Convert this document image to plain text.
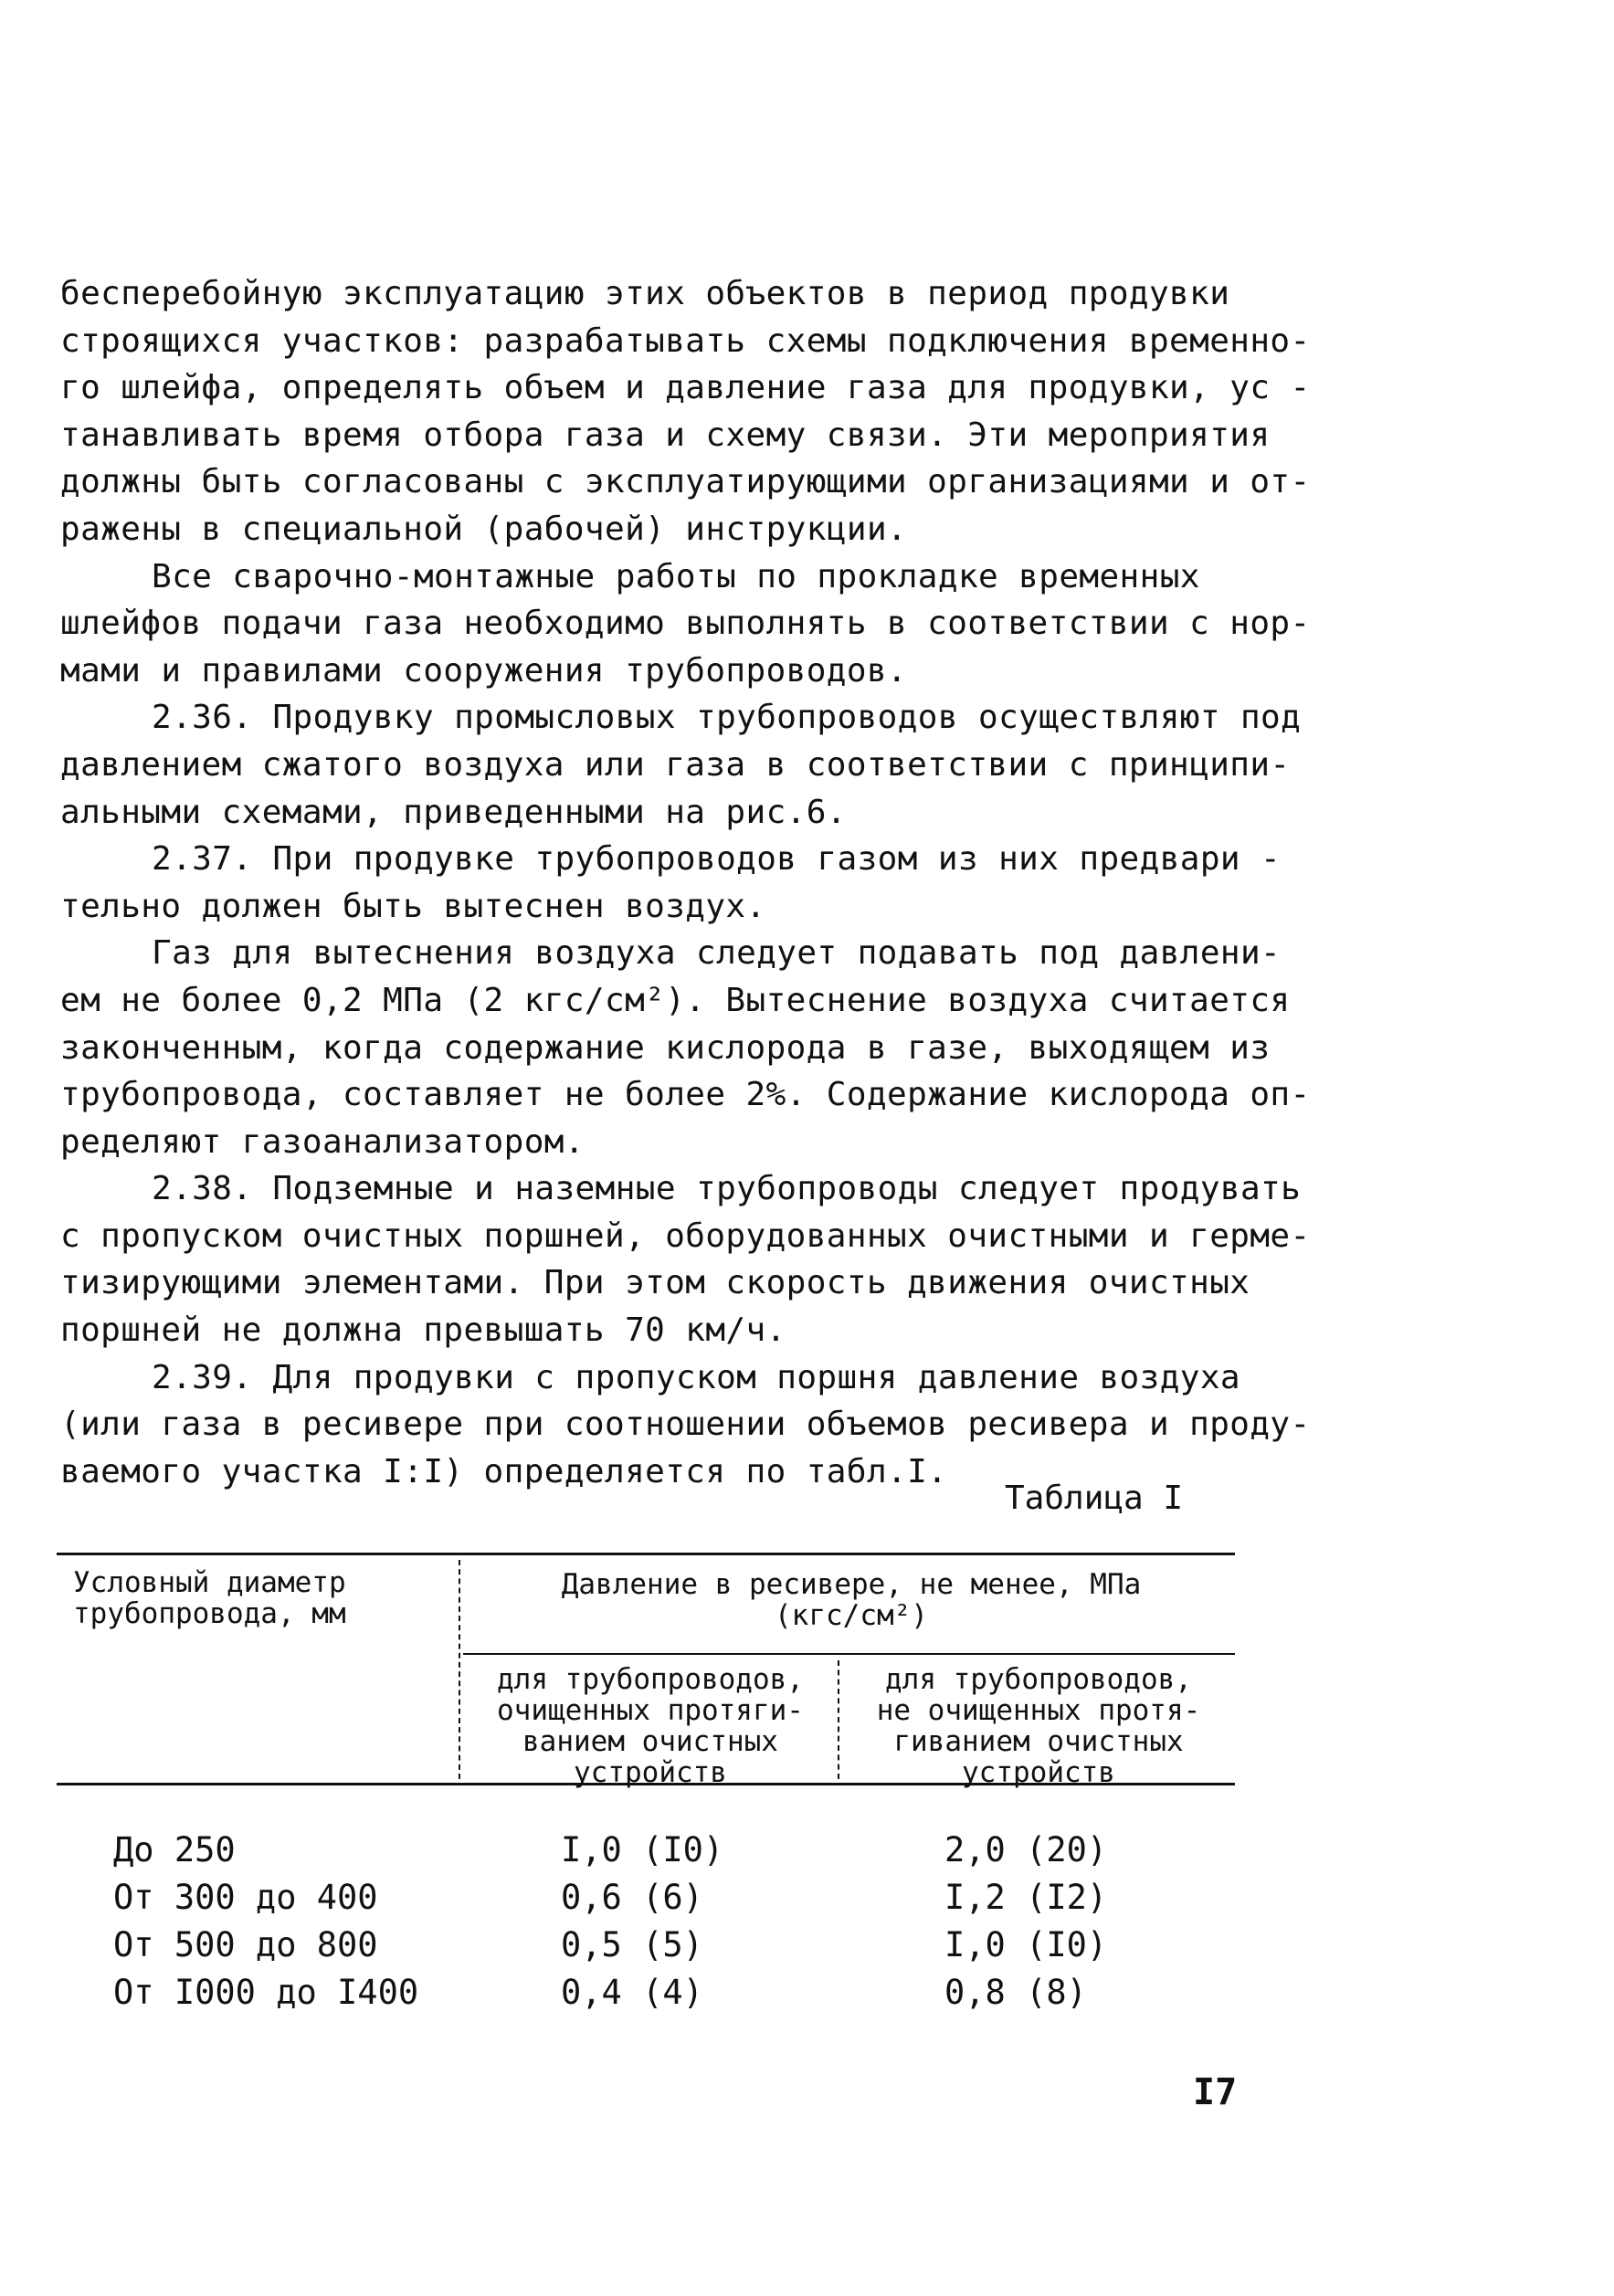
бесперебойную эксплуатацию этих объектов в период продувки

строящихся участков: разрабатывать схемы подключения временно-

го шлейфа, определять объем и давление газа для продувки, ус -

танавливать время отбора газа и схему связи. Эти мероприятия

должны быть согласованы с эксплуатирующими организациями и от-

ражены в специальной (рабочей) инструкции.

Все сварочно-монтажные работы по прокладке временных

шлейфов подачи газа необходимо выполнять в соответствии с нор-

мами и правилами сооружения трубопроводов.

2.36. Продувку промысловых трубопроводов осуществляют под

давлением сжатого воздуха или газа в соответствии с принципи-

альными схемами, приведенными на рис.6.

2.37. При продувке трубопроводов газом из них предвари -

тельно должен быть вытеснен воздух.

Газ для вытеснения воздуха следует подавать под давлени-

ем не более 0,2 МПа (2 кгс/см²). Вытеснение воздуха считается

законченным, когда содержание кислорода в газе, выходящем из

трубопровода, составляет не более 2%. Содержание кислорода оп-

ределяют газоанализатором.

2.38. Подземные и наземные трубопроводы следует продувать

с пропуском очистных поршней, оборудованных очистными и герме-

тизирующими элементами. При этом скорость движения очистных

поршней не должна превышать 70 км/ч.

2.39. Для продувки с пропуском поршня давление воздуха

(или газа в ресивере при соотношении объемов ресивера и проду-

ваемого участка I:I) определяется по табл.I.

Таблица I
Условный диаметр
трубопровода, мм
Давление в ресивере, не менее, МПа
(кгс/см²)
для трубопроводов,
очищенных протяги-
ванием очистных
устройств
для трубопроводов,
не очищенных протя-
гиванием очистных
устройств
До 250	I,0 (I0)	2,0 (20)
От 300 до 400	0,6 (6)	I,2 (I2)
От 500 до 800	0,5 (5)	I,0 (I0)
От I000 до I400	0,4 (4)	0,8 (8)
I7
